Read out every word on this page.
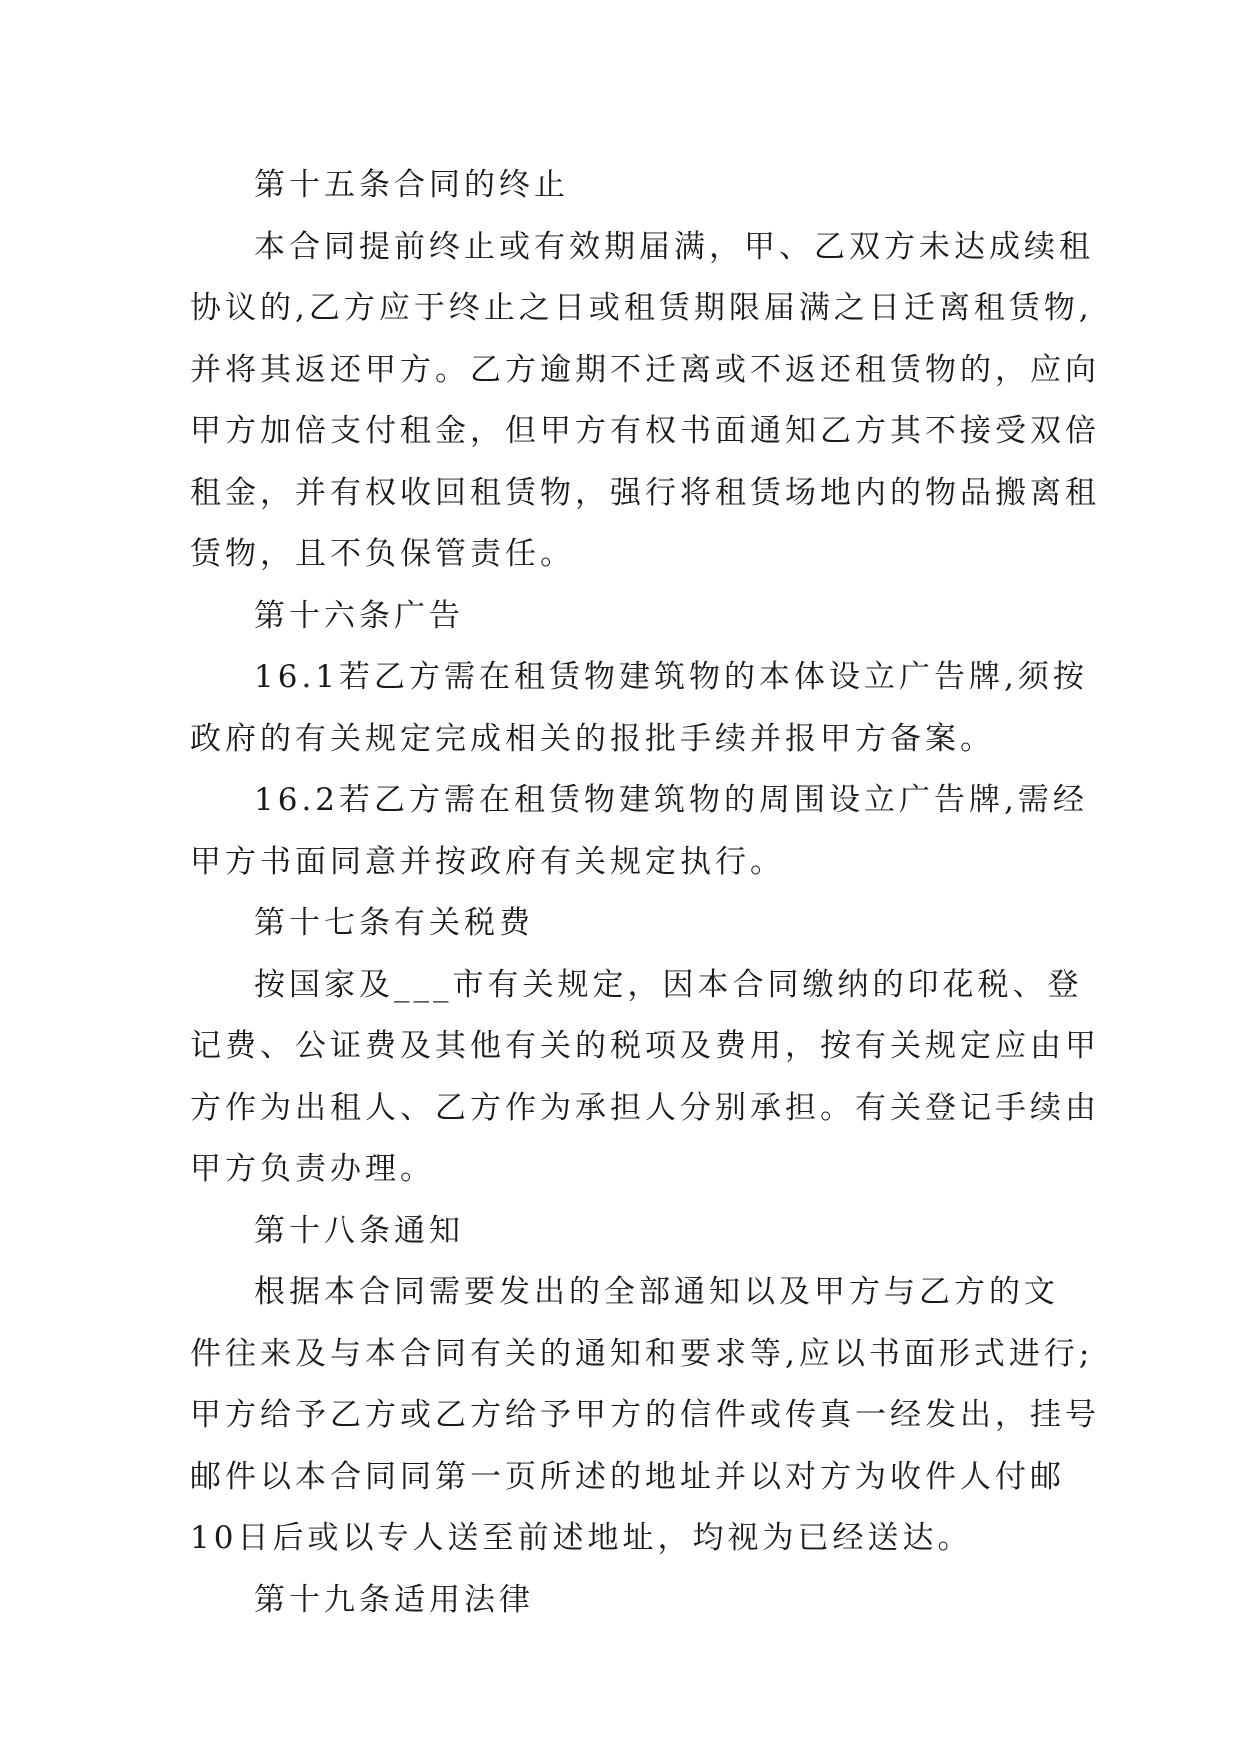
第十五条合同的终止
本合同提前终止或有效期届满，甲、乙双方未达成续租
协议的,乙方应于终止之日或租赁期限届满之日迁离租赁物,
并将其返还甲方。乙方逾期不迁离或不返还租赁物的，应向
甲方加倍支付租金，但甲方有权书面通知乙方其不接受双倍
租金，并有权收回租赁物，强行将租赁场地内的物品搬离租
赁物，且不负保管责任。
第十六条广告
16.1若乙方需在租赁物建筑物的本体设立广告牌,须按
政府的有关规定完成相关的报批手续并报甲方备案。
16.2若乙方需在租赁物建筑物的周围设立广告牌,需经
甲方书面同意并按政府有关规定执行。
第十七条有关税费
按国家及___市有关规定，因本合同缴纳的印花税、登
记费、公证费及其他有关的税项及费用，按有关规定应由甲
方作为出租人、乙方作为承担人分别承担。有关登记手续由
甲方负责办理。
第十八条通知
根据本合同需要发出的全部通知以及甲方与乙方的文
件往来及与本合同有关的通知和要求等,应以书面形式进行;
甲方给予乙方或乙方给予甲方的信件或传真一经发出，挂号
邮件以本合同同第一页所述的地址并以对方为收件人付邮
10日后或以专人送至前述地址，均视为已经送达。
第十九条适用法律
